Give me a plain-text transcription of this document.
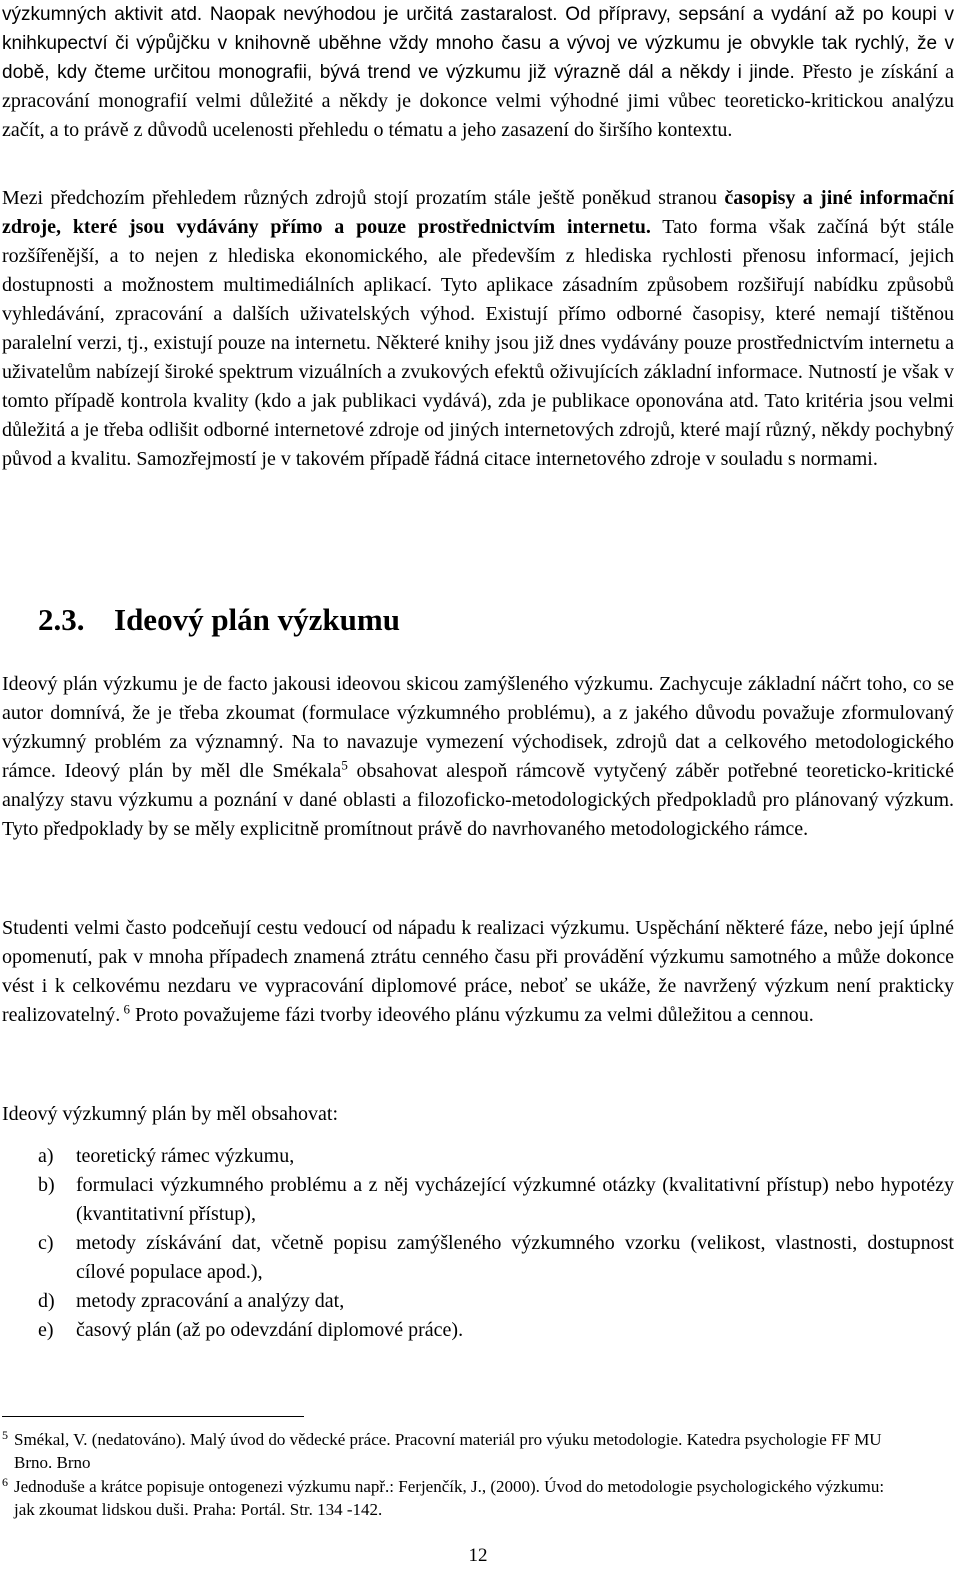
výzkumných aktivit atd. Naopak nevýhodou je určitá zastaralost. Od přípravy, sepsání a vydání až po koupi v knihkupectví či výpůjčku v knihovně uběhne vždy mnoho času a vývoj ve výzkumu je obvykle tak rychlý, že v době, kdy čteme určitou monografii, bývá trend ve výzkumu již výrazně dál a někdy i jinde. Přesto je získání a zpracování monografií velmi důležité a někdy je dokonce velmi výhodné jimi vůbec teoreticko-kritickou analýzu začít, a to právě z důvodů ucelenosti přehledu o tématu a jeho zasazení do širšího kontextu.

Mezi předchozím přehledem různých zdrojů stojí prozatím stále ještě poněkud stranou časopisy a jiné informační zdroje, které jsou vydávány přímo a pouze prostřednictvím internetu. Tato forma však začíná být stále rozšířenější, a to nejen z hlediska ekonomického, ale především z hlediska rychlosti přenosu informací, jejich dostupnosti a možnostem multimediálních aplikací. Tyto aplikace zásadním způsobem rozšiřují nabídku způsobů vyhledávání, zpracování a dalších uživatelských výhod. Existují přímo odborné časopisy, které nemají tištěnou paralelní verzi, tj., existují pouze na internetu. Některé knihy jsou již dnes vydávány pouze prostřednictvím internetu a uživatelům nabízejí široké spektrum vizuálních a zvukových efektů oživujících základní informace. Nutností je však v tomto případě kontrola kvality (kdo a jak publikaci vydává), zda je publikace oponována atd. Tato kritéria jsou velmi důležitá a je třeba odlišit odborné internetové zdroje od jiných internetových zdrojů, které mají různý, někdy pochybný původ a kvalitu. Samozřejmostí je v takovém případě řádná citace internetového zdroje v souladu s normami.

2.3. Ideový plán výzkumu

Ideový plán výzkumu je de facto jakousi ideovou skicou zamýšleného výzkumu. Zachycuje základní náčrt toho, co se autor domnívá, že je třeba zkoumat (formulace výzkumného problému), a z jakého důvodu považuje zformulovaný výzkumný problém za významný. Na to navazuje vymezení východisek, zdrojů dat a celkového metodologického rámce. Ideový plán by měl dle Smékala$^5$ obsahovat alespoň rámcově vytyčený záběr potřebné teoreticko-kritické analýzy stavu výzkumu a poznání v dané oblasti a filozoficko-metodologických předpokladů pro plánovaný výzkum. Tyto předpoklady by se měly explicitně promítnout právě do navrhovaného metodologického rámce.

Studenti velmi často podceňují cestu vedoucí od nápadu k realizaci výzkumu. Uspěchání některé fáze, nebo její úplné opomenutí, pak v mnoha případech znamená ztrátu cenného času při provádění výzkumu samotného a může dokonce vést i k celkovému nezdaru ve vypracování diplomové práce, neboť se ukáže, že navržený výzkum není prakticky realizovatelný. $^6$ Proto považujeme fázi tvorby ideového plánu výzkumu za velmi důležitou a cennou.

Ideový výzkumný plán by měl obsahovat:

a)	teoretický rámec výzkumu,
b)	formulaci výzkumného problému a z něj vycházející výzkumné otázky (kvalitativní přístup) nebo hypotézy (kvantitativní přístup),
c)	metody získávání dat, včetně popisu zamýšleného výzkumného vzorku (velikost, vlastnosti, dostupnost cílové populace apod.),
d)	metody zpracování a analýzy dat,
e)	časový plán (až po odevzdání diplomové práce).
5 Smékal, V. (nedatováno). Malý úvod do vědecké práce. Pracovní materiál pro výuku metodologie. Katedra psychologie FF MU Brno. Brno
6 Jednoduše a krátce popisuje ontogenezi výzkumu např.: Ferjenčík, J., (2000). Úvod do metodologie psychologického výzkumu: jak zkoumat lidskou duši. Praha: Portál. Str. 134 -142.
12
